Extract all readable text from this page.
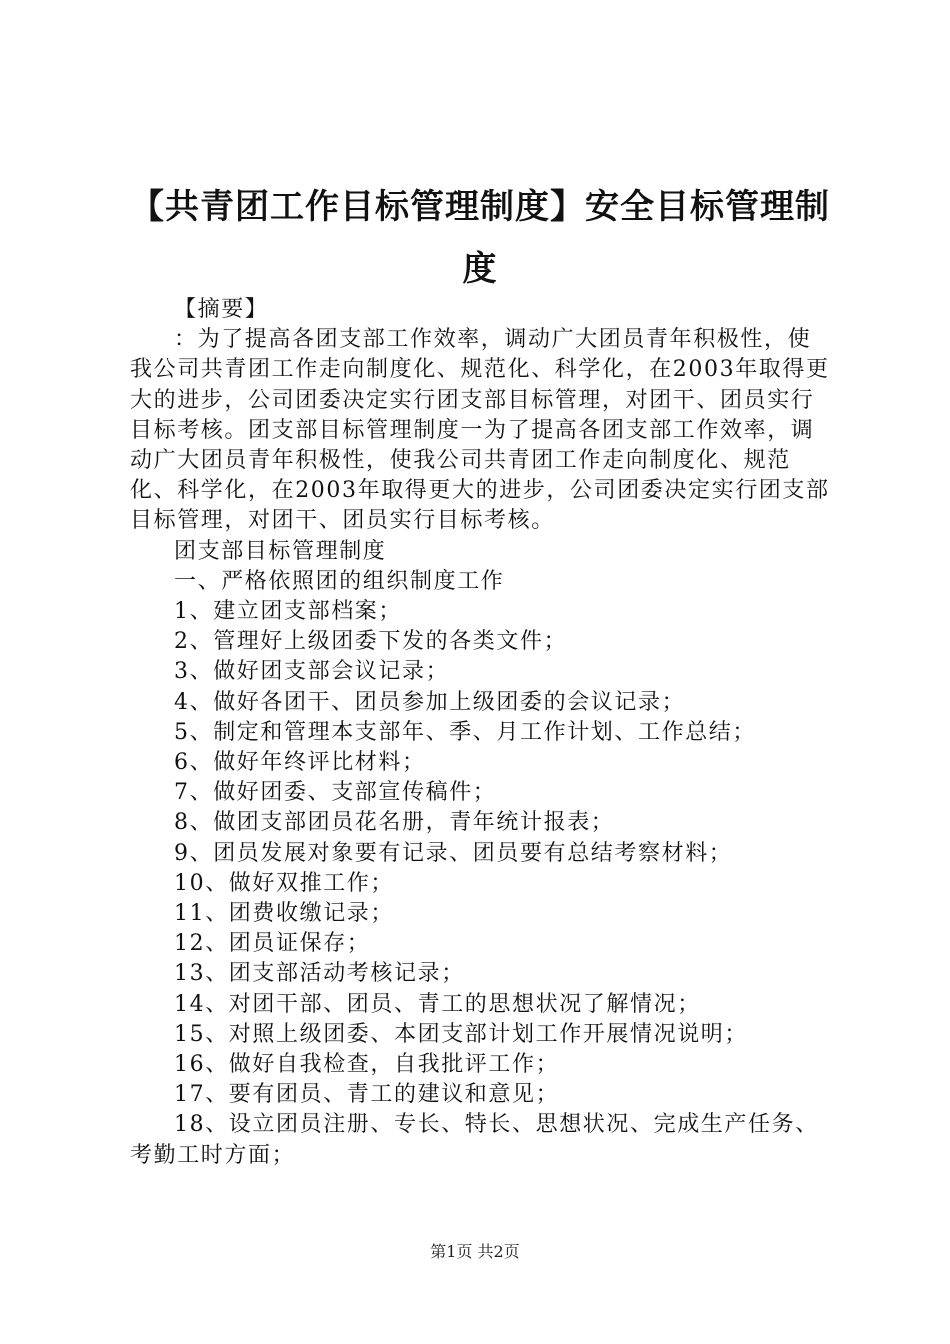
【共青团工作目标管理制度】安全目标管理制度

【摘要】

：为了提高各团支部工作效率，调动广大团员青年积极性，使我公司共青团工作走向制度化、规范化、科学化，在2003年取得更大的进步，公司团委决定实行团支部目标管理，对团干、团员实行目标考核。团支部目标管理制度一为了提高各团支部工作效率，调动广大团员青年积极性，使我公司共青团工作走向制度化、规范化、科学化，在2003年取得更大的进步，公司团委决定实行团支部目标管理，对团干、团员实行目标考核。

团支部目标管理制度

一、严格依照团的组织制度工作

1、建立团支部档案；

2、管理好上级团委下发的各类文件；

3、做好团支部会议记录；

4、做好各团干、团员参加上级团委的会议记录；

5、制定和管理本支部年、季、月工作计划、工作总结；

6、做好年终评比材料；

7、做好团委、支部宣传稿件；

8、做团支部团员花名册，青年统计报表；

9、团员发展对象要有记录、团员要有总结考察材料；

10、做好双推工作；

11、团费收缴记录；

12、团员证保存；

13、团支部活动考核记录；

14、对团干部、团员、青工的思想状况了解情况；

15、对照上级团委、本团支部计划工作开展情况说明；

16、做好自我检查，自我批评工作；

17、要有团员、青工的建议和意见；

18、设立团员注册、专长、特长、思想状况、完成生产任务、考勤工时方面；

第1页 共2页
